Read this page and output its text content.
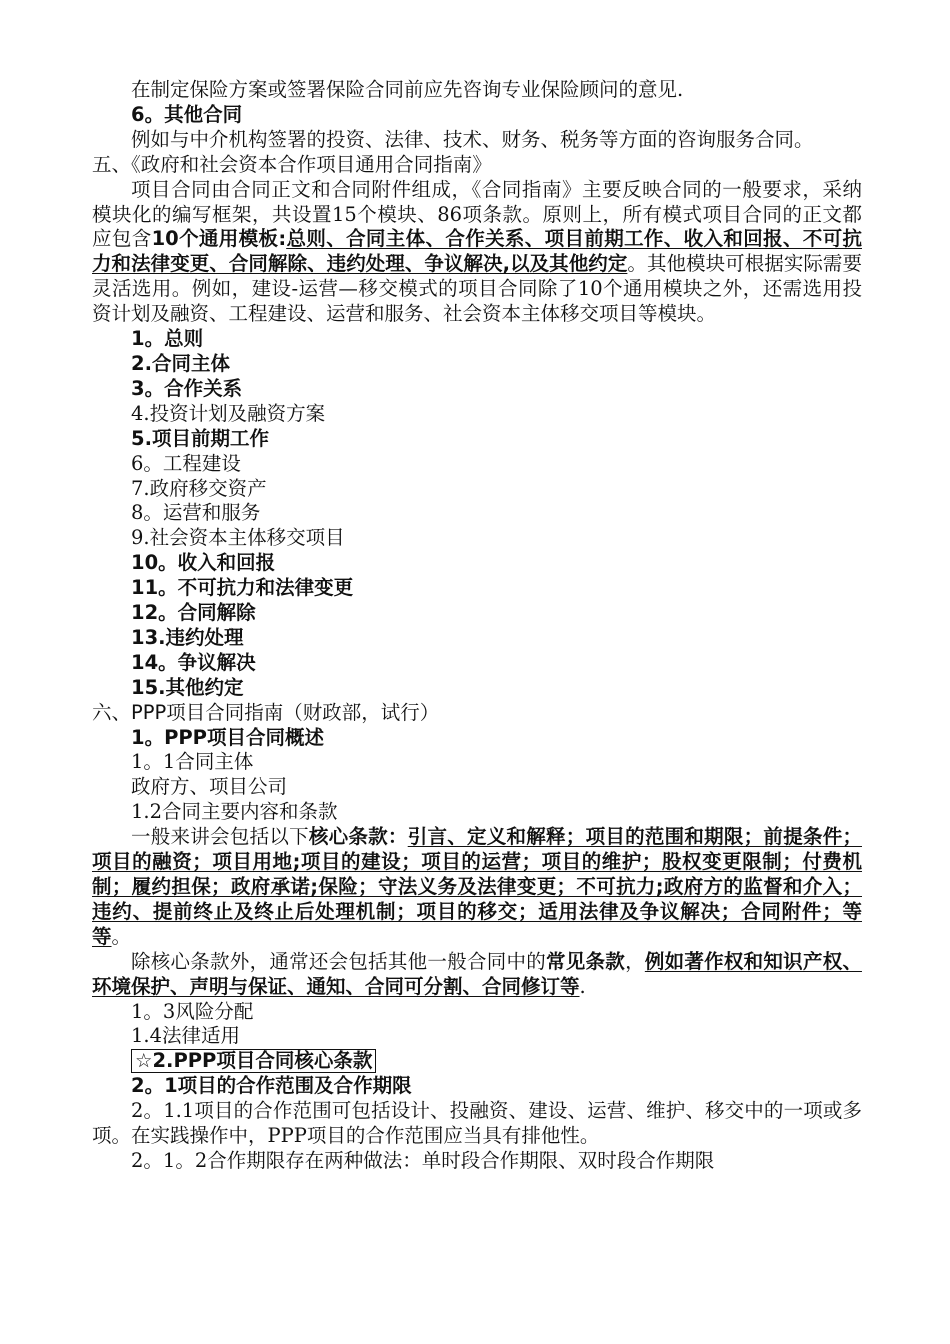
在制定保险方案或签署保险合同前应先咨询专业保险顾问的意见.

6。其他合同

例如与中介机构签署的投资、法律、技术、财务、税务等方面的咨询服务合同。

五、《政府和社会资本合作项目通用合同指南》

项目合同由合同正文和合同附件组成，《合同指南》主要反映合同的一般要求，采纳模块化的编写框架，共设置15个模块、86项条款。原则上，所有模式项目合同的正文都应包含10个通用模板:总则、合同主体、合作关系、项目前期工作、收入和回报、不可抗力和法律变更、合同解除、违约处理、争议解决,以及其他约定。其他模块可根据实际需要灵活选用。例如，建设-运营—移交模式的项目合同除了10个通用模块之外，还需选用投资计划及融资、工程建设、运营和服务、社会资本主体移交项目等模块。

1。总则

2.合同主体

3。合作关系

4.投资计划及融资方案

5.项目前期工作

6。工程建设

7.政府移交资产

8。运营和服务

9.社会资本主体移交项目

10。收入和回报

11。不可抗力和法律变更

12。合同解除

13.违约处理

14。争议解决

15.其他约定

六、PPP项目合同指南（财政部，试行）

1。PPP项目合同概述

1。1合同主体

政府方、项目公司

1.2合同主要内容和条款

一般来讲会包括以下核心条款：引言、定义和解释；项目的范围和期限；前提条件；项目的融资；项目用地;项目的建设；项目的运营；项目的维护；股权变更限制；付费机制；履约担保；政府承诺;保险；守法义务及法律变更；不可抗力;政府方的监督和介入；违约、提前终止及终止后处理机制；项目的移交；适用法律及争议解决；合同附件；等等。

除核心条款外，通常还会包括其他一般合同中的常见条款，例如著作权和知识产权、环境保护、声明与保证、通知、合同可分割、合同修订等.

1。3风险分配

1.4法律适用

☆2.PPP项目合同核心条款

2。1项目的合作范围及合作期限

2。1.1项目的合作范围可包括设计、投融资、建设、运营、维护、移交中的一项或多项。在实践操作中，PPP项目的合作范围应当具有排他性。

2。1。2合作期限存在两种做法：单时段合作期限、双时段合作期限
